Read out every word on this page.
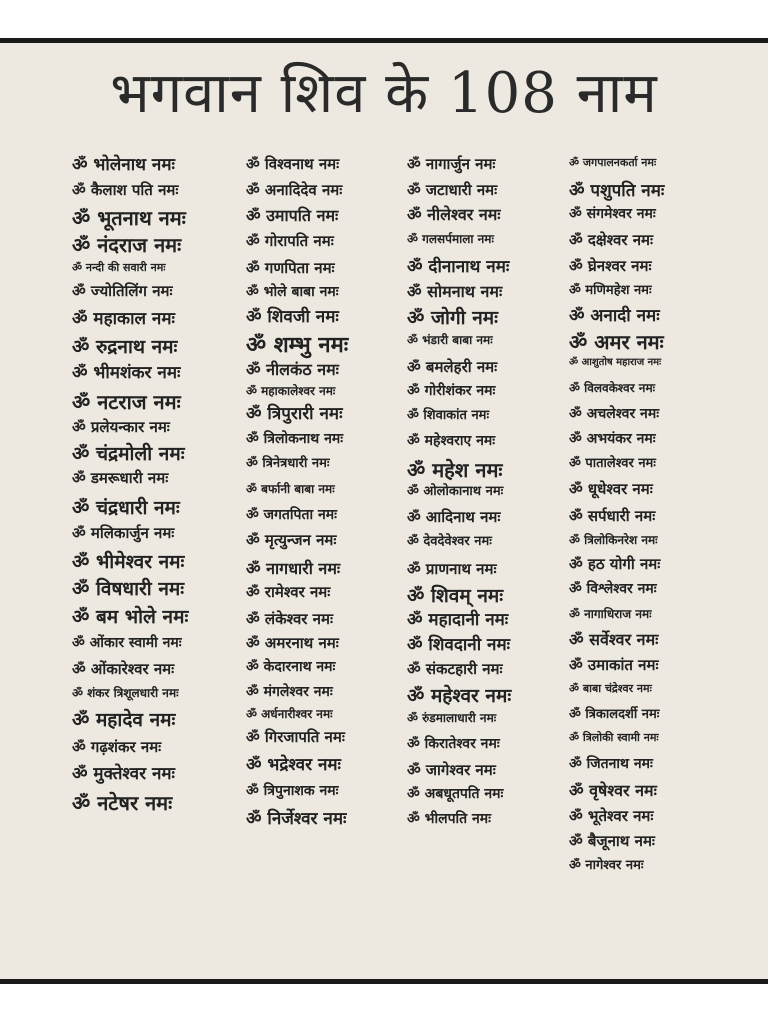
भगवान शिव के 108 नाम
ॐ भोलेनाथ नमः
ॐ कैलाश पति नमः
ॐ भूतनाथ नमः
ॐ नंदराज नमः
ॐ नन्दी की सवारी नमः
ॐ ज्योतिलिंग नमः
ॐ महाकाल नमः
ॐ रुद्रनाथ नमः
ॐ भीमशंकर नमः
ॐ नटराज नमः
ॐ प्रलेयन्कार नमः
ॐ चंद्रमोली नमः
ॐ डमरूधारी नमः
ॐ चंद्रधारी नमः
ॐ मलिकार्जुन नमः
ॐ भीमेश्वर नमः
ॐ विषधारी नमः
ॐ बम भोले नमः
ॐ ओंकार स्वामी नमः
ॐ ओंकारेश्वर नमः
ॐ शंकर त्रिशूलधारी नमः
ॐ महादेव नमः
ॐ गढ़शंकर नमः
ॐ मुक्तेश्वर नमः
ॐ नटेषर नमः
ॐ विश्वनाथ नमः
ॐ अनादिदेव नमः
ॐ उमापति नमः
ॐ गोरापति नमः
ॐ गणपिता नमः
ॐ भोले बाबा नमः
ॐ शिवजी नमः
ॐ शम्भु नमः
ॐ नीलकंठ नमः
ॐ महाकालेश्वर नमः
ॐ त्रिपुरारी नमः
ॐ त्रिलोकनाथ नमः
ॐ त्रिनेत्रधारी नमः
ॐ बर्फानी बाबा नमः
ॐ जगतपिता नमः
ॐ मृत्युन्जन नमः
ॐ नागधारी नमः
ॐ रामेश्वर नमः
ॐ लंकेश्वर नमः
ॐ अमरनाथ नमः
ॐ केदारनाथ नमः
ॐ मंगलेश्वर नमः
ॐ अर्धनारीश्वर नमः
ॐ गिरजापति नमः
ॐ भद्रेश्वर नमः
ॐ त्रिपुनाशक नमः
ॐ निर्जेश्वर नमः
ॐ नागार्जुन नमः
ॐ जटाधारी नमः
ॐ नीलेश्वर नमः
ॐ गलसर्पमाला नमः
ॐ दीनानाथ नमः
ॐ सोमनाथ नमः
ॐ जोगी नमः
ॐ भंडारी बाबा नमः
ॐ बमलेहरी नमः
ॐ गोरीशंकर नमः
ॐ शिवाकांत नमः
ॐ महेश्वराए नमः
ॐ महेश नमः
ॐ ओलोकानाथ नमः
ॐ आदिनाथ नमः
ॐ देवदेवेश्वर नमः
ॐ प्राणनाथ नमः
ॐ शिवम् नमः
ॐ महादानी नमः
ॐ शिवदानी नमः
ॐ संकटहारी नमः
ॐ महेश्वर नमः
ॐ रुंडमालाधारी नमः
ॐ किरातेश्वर नमः
ॐ जागेश्वर नमः
ॐ अबधूतपति नमः
ॐ भीलपति नमः
ॐ जगपालनकर्ता नमः
ॐ पशुपति नमः
ॐ संगमेश्वर नमः
ॐ दक्षेश्वर नमः
ॐ घ्रेनश्वर नमः
ॐ मणिमहेश नमः
ॐ अनादी नमः
ॐ अमर नमः
ॐ आशुतोष महाराज नमः
ॐ विलवकेश्वर नमः
ॐ अचलेश्वर नमः
ॐ अभयंकर नमः
ॐ पातालेश्वर नमः
ॐ धूधेश्वर नमः
ॐ सर्पधारी नमः
ॐ त्रिलोकिनरेश नमः
ॐ हठ योगी नमः
ॐ विश्लेश्वर नमः
ॐ नागाधिराज नमः
ॐ सर्वेश्वर नमः
ॐ उमाकांत नमः
ॐ बाबा चंद्रेश्वर नमः
ॐ त्रिकालदर्शी नमः
ॐ त्रिलोकी स्वामी नमः
ॐ जितनाथ नमः
ॐ वृषेश्वर नमः
ॐ भूतेश्वर नमः
ॐ बैजूनाथ नमः
ॐ नागेश्वर नमः
